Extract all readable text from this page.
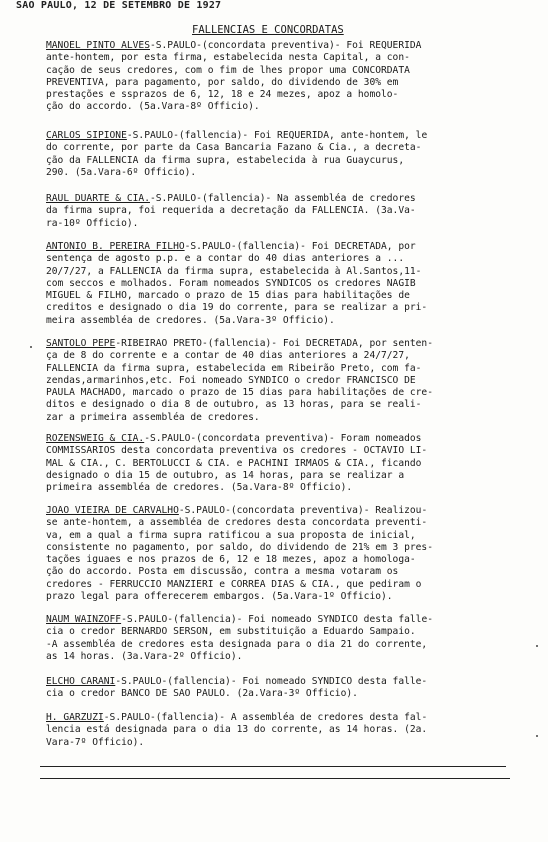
SAO PAULO, 12 DE SETEMBRO DE 1927
FALLENCIAS E CONCORDATAS
MANOEL PINTO ALVES-S.PAULO-(concordata preventiva)- Foi REQUERIDA
ante-hontem, por esta firma, estabelecida nesta Capital, a con-
cação de seus credores, com o fim de lhes propor uma CONCORDATA
PREVENTIVA, para pagamento, por saldo, do dividendo de 30% em
prestações e ssprazos de 6, 12, 18 e 24 mezes, apoz a homolo-
ção do accordo. (5a.Vara-8º Officio).
CARLOS SIPIONE-S.PAULO-(fallencia)- Foi REQUERIDA, ante-hontem, le
do corrente, por parte da Casa Bancaria Fazano & Cia., a decreta-
ção da FALLENCIA da firma supra, estabelecida à rua Guaycurus,
290. (5a.Vara-6º Officio).
RAUL DUARTE & CIA.-S.PAULO-(fallencia)- Na assembléa de credores
da firma supra, foi requerida a decretação da FALLENCIA. (3a.Va-
ra-10º Officio).
ANTONIO B. PEREIRA FILHO-S.PAULO-(fallencia)- Foi DECRETADA, por
sentença de agosto p.p. e a contar do 40 dias anteriores a ...
20/7/27, a FALLENCIA da firma supra, estabelecida à Al.Santos,11-
com seccos e molhados. Foram nomeados SYNDICOS os credores NAGIB
MIGUEL & FILHO, marcado o prazo de 15 dias para habilitações de
creditos e designado o dia 19 do corrente, para se realizar a pri-
meira assembléa de credores. (5a.Vara-3º Officio).
SANTOLO PEPE-RIBEIRAO PRETO-(fallencia)- Foi DECRETADA, por senten-
ça de 8 do corrente e a contar de 40 dias anteriores a 24/7/27,
FALLENCIA da firma supra, estabelecida em Ribeirão Preto, com fa-
zendas,armarinhos,etc. Foi nomeado SYNDICO o credor FRANCISCO DE
PAULA MACHADO, marcado o prazo de 15 dias para habilitações de cre-
ditos e designado o dia 8 de outubro, as 13 horas, para se reali-
zar a primeira assembléa de credores.
ROZENSWEIG & CIA.-S.PAULO-(concordata preventiva)- Foram nomeados
COMMISSARIOS desta concordata preventiva os credores - OCTAVIO LI-
MAL & CIA., C. BERTOLUCCI & CIA. e PACHINI IRMAOS & CIA., ficando
designado o dia 15 de outubro, as 14 horas, para se realizar a
primeira assembléa de credores. (5a.Vara-8º Officio).
JOÃO VIEIRA DE CARVALHO-S.PAULO-(concordata preventiva)- Realizou-
se ante-hontem, a assembléa de credores desta concordata preventi-
va, em a qual a firma supra ratificou a sua proposta de inicial,
consistente no pagamento, por saldo, do dividendo de 21% em 3 pres-
tações iguaes e nos prazos de 6, 12 e 18 mezes, apoz a homologa-
ção do accordo. Posta em discussão, contra a mesma votaram os
credores - FERRUCCIO MANZIERI e CORRÊA DIAS & CIA., que pediram o
prazo legal para offerecerem embargos. (5a.Vara-1º Officio).
NAUM WAINZOFF-S.PAULO-(fallencia)- Foi nomeado SYNDICO desta falle-
cia o credor BERNARDO SERSON, em substituição a Eduardo Sampaio.
-A assembléa de credores esta designada para o dia 21 do corrente,
as 14 horas. (3a.Vara-2º Officio).
ELCHO CARANI-S.PAULO-(fallencia)- Foi nomeado SYNDICO desta falle-
cia o credor BANCO DE SAO PAULO. (2a.Vara-3º Officio).
H. GARZUZI-S.PAULO-(fallencia)- A assembléa de credores desta fal-
lencia está designada para o dia 13 do corrente, as 14 horas. (2a.
Vara-7º Officio).
